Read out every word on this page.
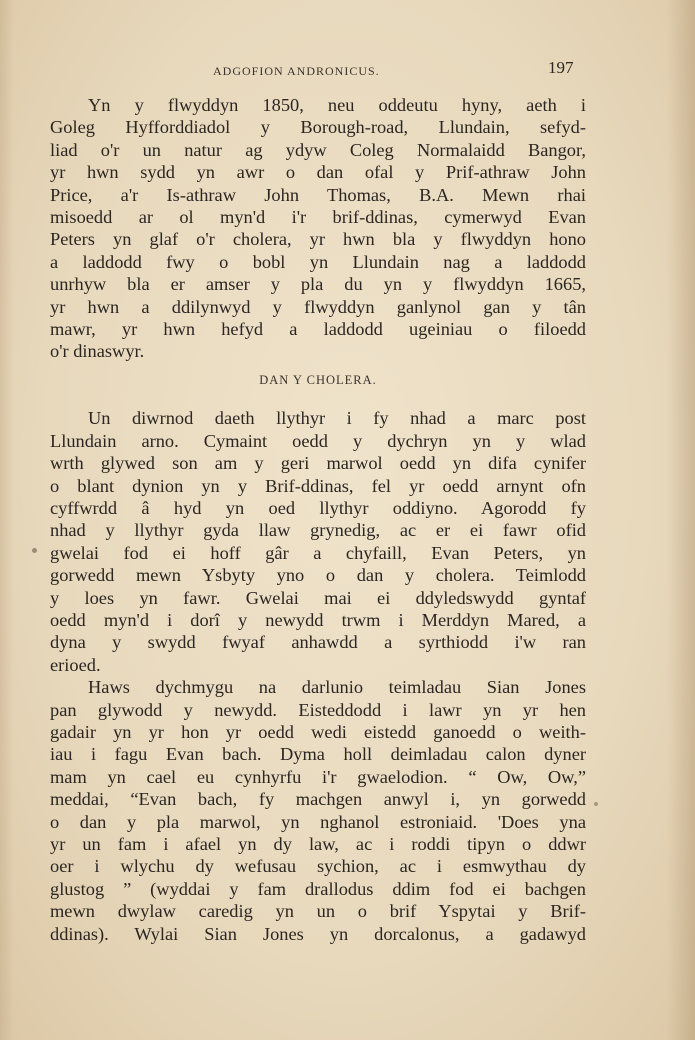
ADGOFION ANDRONICUS.	197
Yn y flwyddyn 1850, neu oddeutu hyny, aeth i
Goleg Hyfforddiadol y Borough-road, Llundain, sefyd-
liad o'r un natur ag ydyw Coleg Normalaidd Bangor,
yr hwn sydd yn awr o dan ofal y Prif-athraw John
Price, a'r Is-athraw John Thomas, B.A. Mewn rhai
misoedd ar ol myn'd i'r brif-ddinas, cymerwyd Evan
Peters yn glaf o'r cholera, yr hwn bla y flwyddyn hono
a laddodd fwy o bobl yn Llundain nag a laddodd
unrhyw bla er amser y pla du yn y flwyddyn 1665,
yr hwn a ddilynwyd y flwyddyn ganlynol gan y tân
mawr, yr hwn hefyd a laddodd ugeiniau o filoedd
o'r dinaswyr.
DAN Y CHOLERA.
Un diwrnod daeth llythyr i fy nhad a marc post
Llundain arno. Cymaint oedd y dychryn yn y wlad
wrth glywed son am y geri marwol oedd yn difa cynifer
o blant dynion yn y Brif-ddinas, fel yr oedd arnynt ofn
cyffwrdd â hyd yn oed llythyr oddiyno. Agorodd fy
nhad y llythyr gyda llaw grynedig, ac er ei fawr ofid
gwelai fod ei hoff gâr a chyfaill, Evan Peters, yn
gorwedd mewn Ysbyty yno o dan y cholera. Teimlodd
y loes yn fawr. Gwelai mai ei ddyledswydd gyntaf
oedd myn'd i dorî y newydd trwm i Merddyn Mared, a
dyna y swydd fwyaf anhawdd a syrthiodd i'w ran
erioed.
Haws dychmygu na darlunio teimladau Sian Jones
pan glywodd y newydd. Eisteddodd i lawr yn yr hen
gadair yn yr hon yr oedd wedi eistedd ganoedd o weith-
iau i fagu Evan bach. Dyma holl deimladau calon dyner
mam yn cael eu cynhyrfu i'r gwaelodion. “ Ow, Ow,”
meddai, “Evan bach, fy machgen anwyl i, yn gorwedd
o dan y pla marwol, yn nghanol estroniaid. 'Does yna
yr un fam i afael yn dy law, ac i roddi tipyn o ddwr
oer i wlychu dy wefusau sychion, ac i esmwythau dy
glustog ” (wyddai y fam drallodus ddim fod ei bachgen
mewn dwylaw caredig yn un o brif Yspytai y Brif-
ddinas). Wylai Sian Jones yn dorcalonus, a gadawyd
